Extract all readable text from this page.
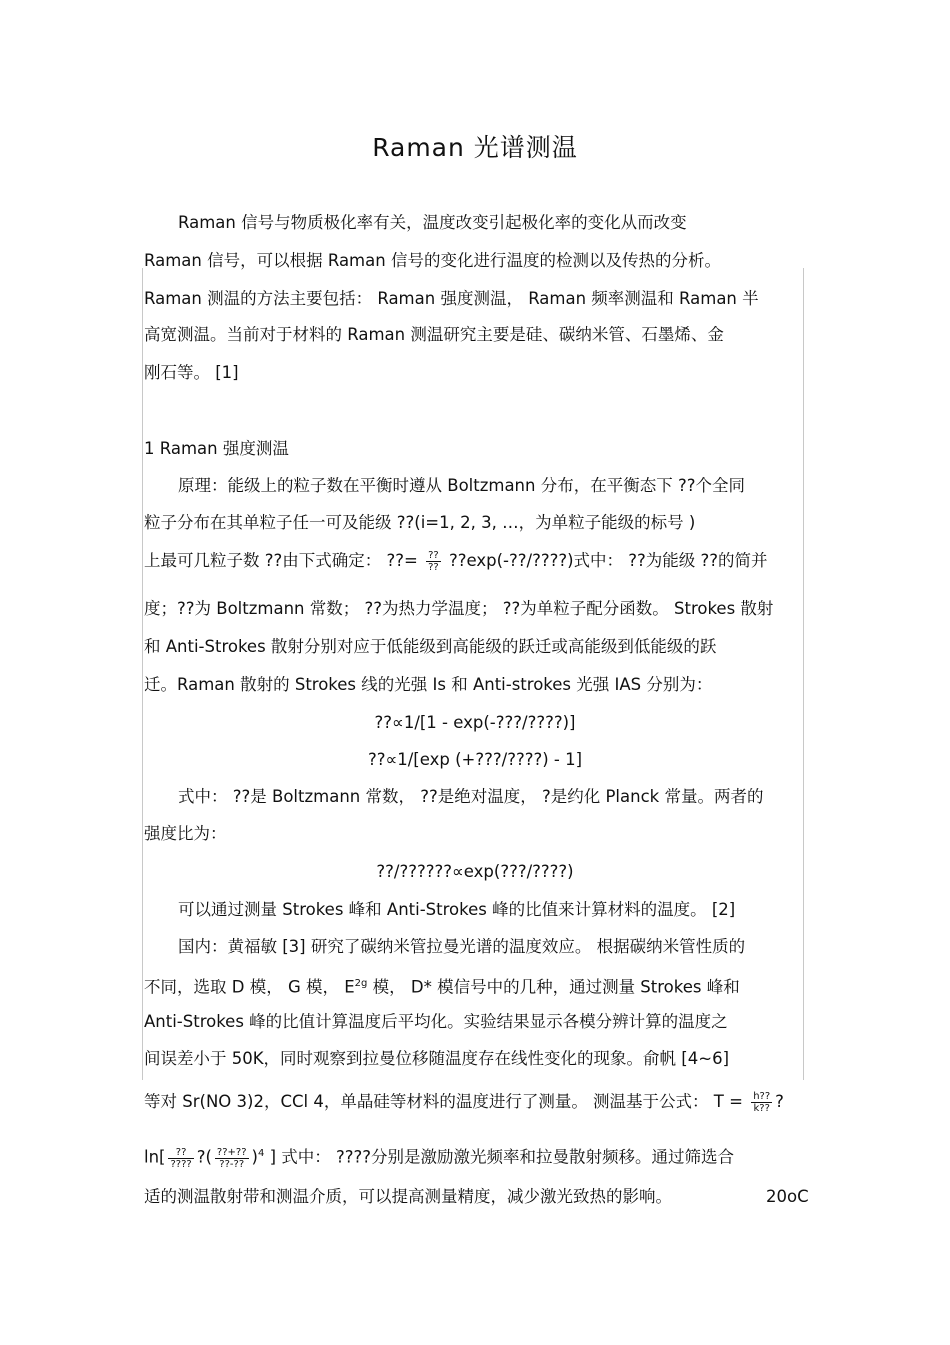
Raman 光谱测温
Raman 信号与物质极化率有关，温度改变引起极化率的变化从而改变
Raman 信号，可以根据 Raman 信号的变化进行温度的检测以及传热的分析。
Raman 测温的方法主要包括： Raman 强度测温， Raman 频率测温和 Raman 半
高宽测温。当前对于材料的 Raman 测温研究主要是硅、碳纳米管、石墨烯、金
刚石等。 [1]
1 Raman 强度测温
原理：能级上的粒子数在平衡时遵从 Boltzmann 分布，在平衡态下 ??个全同
粒子分布在其单粒子任一可及能级 ??(i=1, 2, 3, …，为单粒子能级的标号 )
上最可几粒子数 ??由下式确定： ??= $\frac{??}{??}$ ??exp(-??/????)式中： ??为能级 ??的简并
度；??为 Boltzmann 常数； ??为热力学温度； ??为单粒子配分函数。 Strokes 散射
和 Anti-Strokes 散射分别对应于低能级到高能级的跃迁或高能级到低能级的跃
迁。Raman 散射的 Strokes 线的光强 Is 和 Anti-strokes 光强 IAS 分别为：
??∝1/[1 - exp(-???/????)]
??∝1/[exp (+???/????) - 1]
式中： ??是 Boltzmann 常数， ??是绝对温度， ?是约化 Planck 常量。两者的
强度比为：
??/??????∝exp(???/????)
可以通过测量 Strokes 峰和 Anti-Strokes 峰的比值来计算材料的温度。 [2]
国内：黄福敏 [3] 研究了碳纳米管拉曼光谱的温度效应。 根据碳纳米管性质的
不同，选取 D 模， G 模， $E^{2g}$ 模， D* 模信号中的几种，通过测量 Strokes 峰和
Anti-Strokes 峰的比值计算温度后平均化。实验结果显示各模分辨计算的温度之
间误差小于 50K，同时观察到拉曼位移随温度存在线性变化的现象。俞帆 [4~6]
等对 Sr(NO 3)2，CCl 4，单晶硅等材料的温度进行了测量。 测温基于公式： $T = \frac{h??}{k??}$ ?
$\ln[ \frac{??}{????}$ ?( $\frac{??+??}{??-??} )^4$ ] 式中： ????分别是激励激光频率和拉曼散射频移。通过筛选合
适的测温散射带和测温介质，可以提高测量精度，减少激光致热的影响。	20oC
